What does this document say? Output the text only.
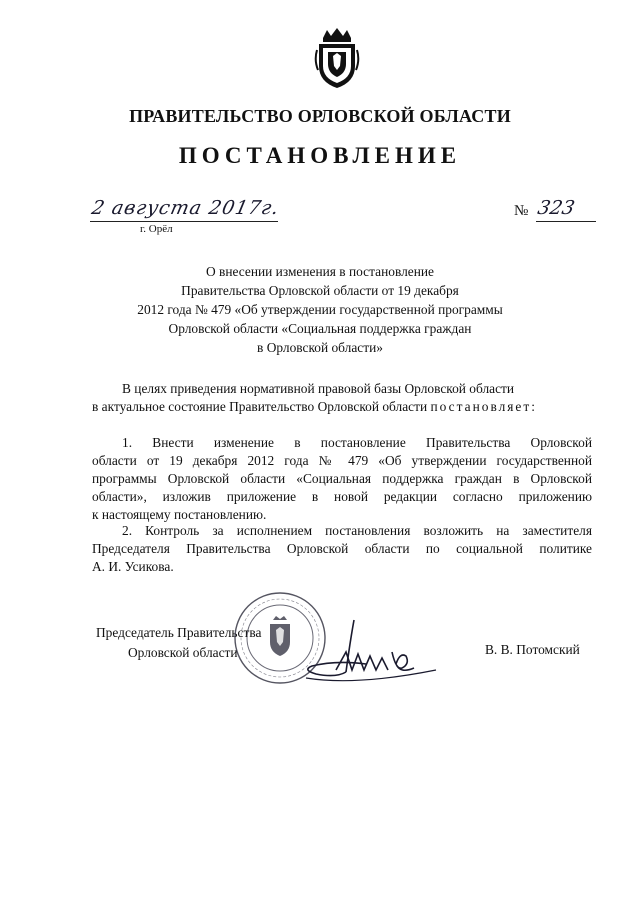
ПРАВИТЕЛЬСТВО ОРЛОВСКОЙ ОБЛАСТИ
ПОСТАНОВЛЕНИЕ
2 августа 2017г.
г. Орёл
№ 323
О внесении изменения в постановление
Правительства Орловской области от 19 декабря
2012 года № 479 «Об утверждении государственной программы
Орловской области «Социальная поддержка граждан
в Орловской области»
В целях приведения нормативной правовой базы Орловской области
в актуальное состояние Правительство Орловской области постановляет:
1. Внести изменение в постановление Правительства Орловской
области от 19 декабря 2012 года № 479 «Об утверждении государственной
программы Орловской области «Социальная поддержка граждан в Орловской
области», изложив приложение в новой редакции согласно приложению
к настоящему постановлению.
2. Контроль за исполнением постановления возложить на заместителя
Председателя Правительства Орловской области по социальной политике
А. И. Усикова.
Председатель Правительства
Орловской области	В. В. Потомский
